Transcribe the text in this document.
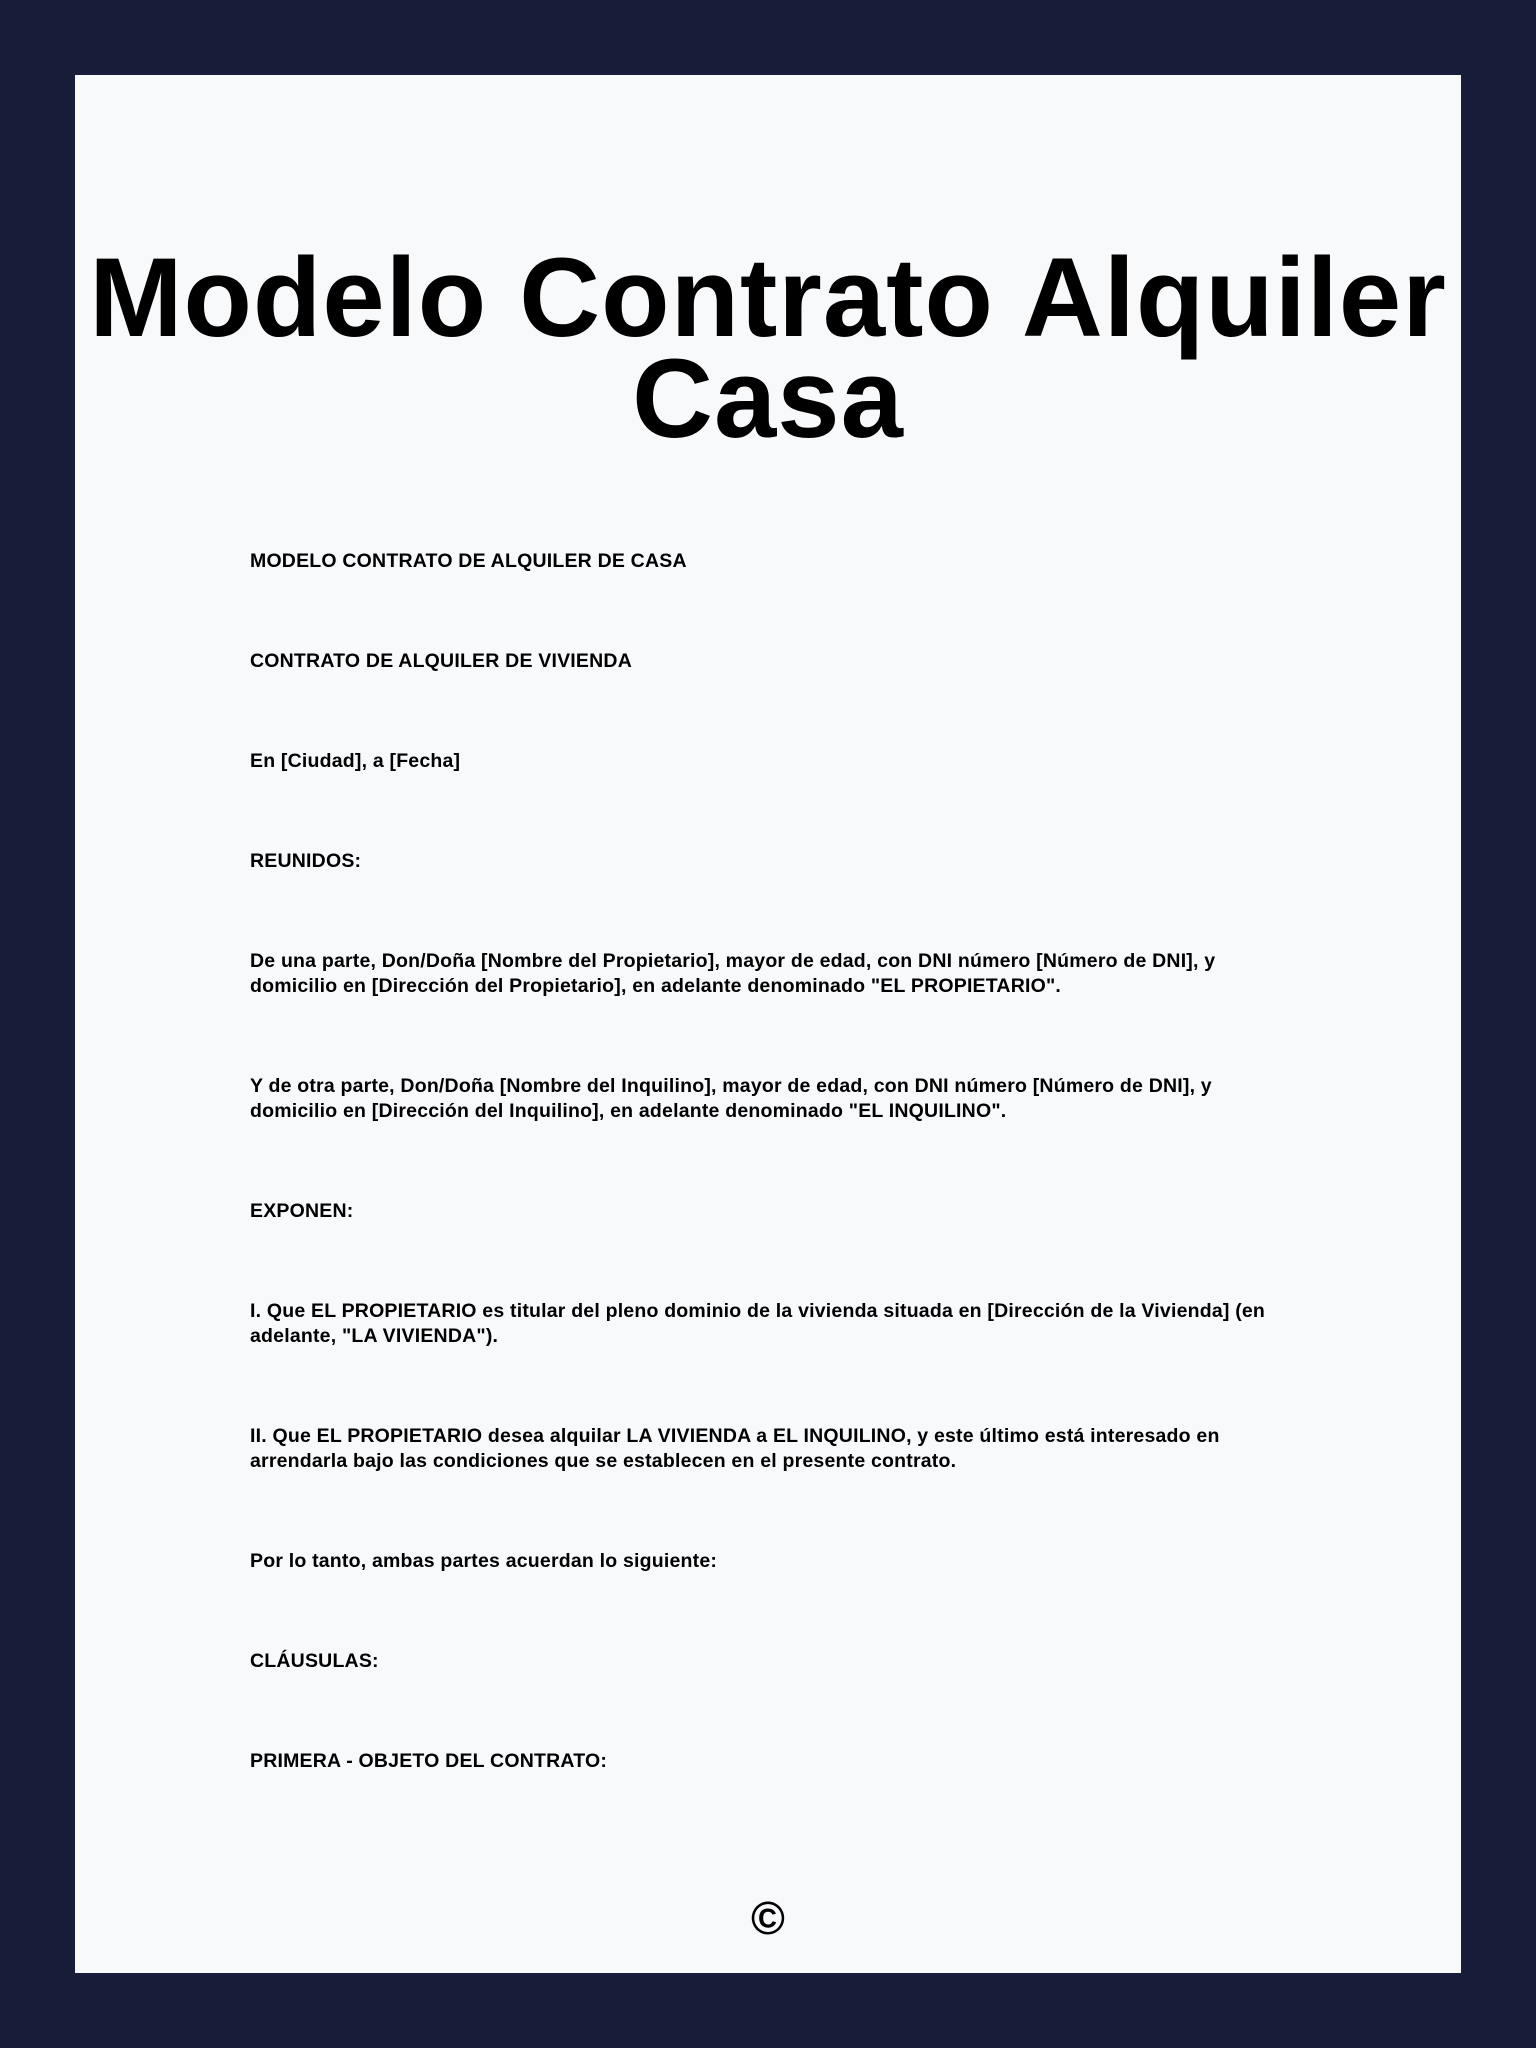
Modelo Contrato Alquiler Casa

MODELO CONTRATO DE ALQUILER DE CASA

CONTRATO DE ALQUILER DE VIVIENDA

En [Ciudad], a [Fecha]

REUNIDOS:

De una parte, Don/Doña [Nombre del Propietario], mayor de edad, con DNI número [Número de DNI], y domicilio en [Dirección del Propietario], en adelante denominado "EL PROPIETARIO".

Y de otra parte, Don/Doña [Nombre del Inquilino], mayor de edad, con DNI número [Número de DNI], y domicilio en [Dirección del Inquilino], en adelante denominado "EL INQUILINO".

EXPONEN:

I. Que EL PROPIETARIO es titular del pleno dominio de la vivienda situada en [Dirección de la Vivienda] (en adelante, "LA VIVIENDA").

II. Que EL PROPIETARIO desea alquilar LA VIVIENDA a EL INQUILINO, y este último está interesado en arrendarla bajo las condiciones que se establecen en el presente contrato.

Por lo tanto, ambas partes acuerdan lo siguiente:

CLÁUSULAS:

PRIMERA - OBJETO DEL CONTRATO:

©
